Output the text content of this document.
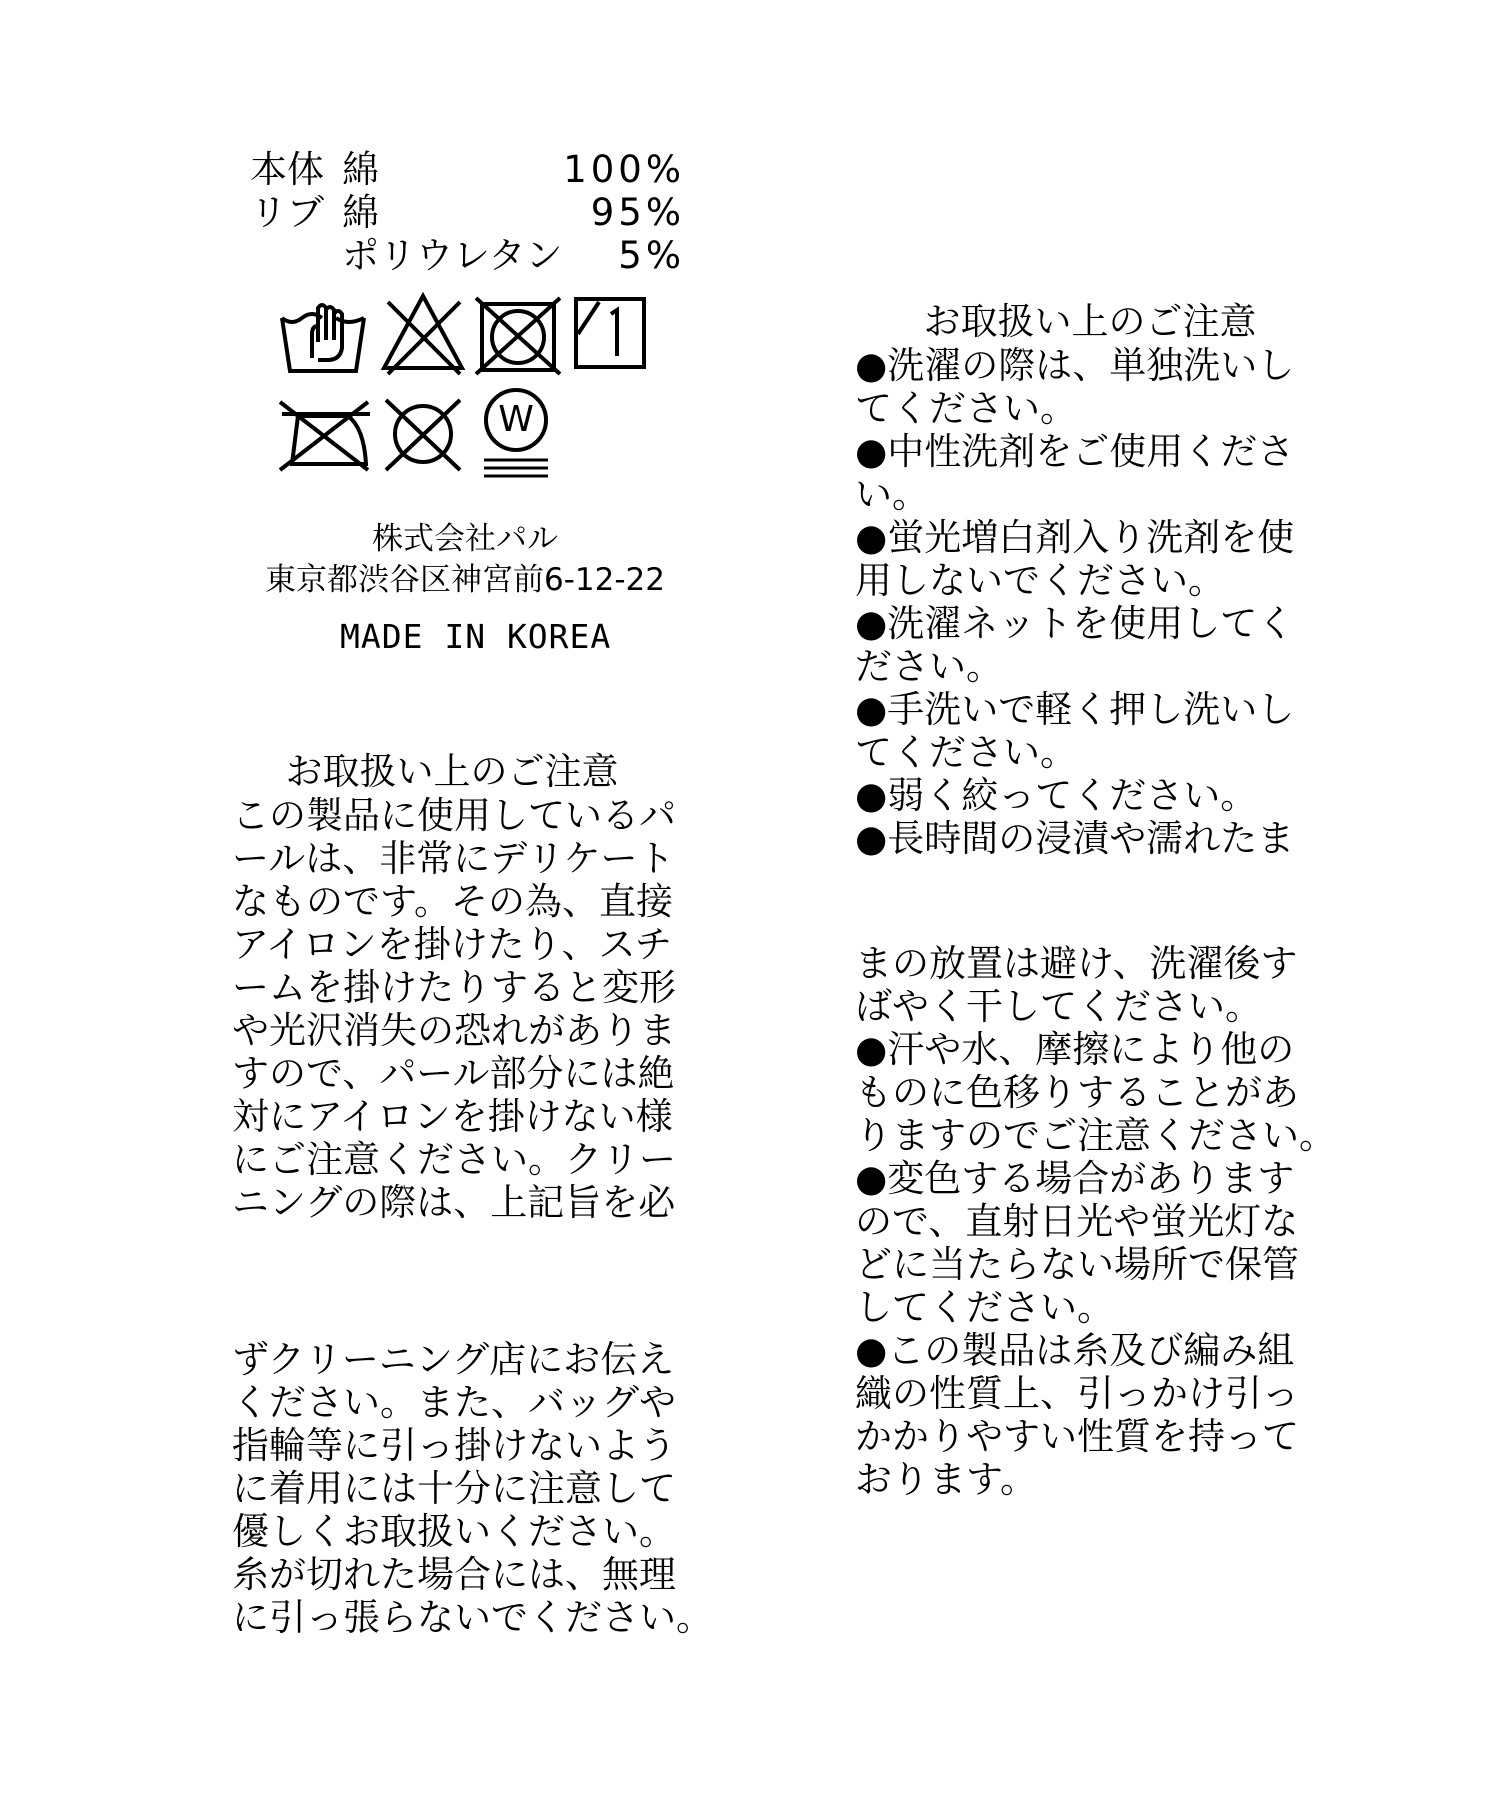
本体 綿	100%
リブ 綿	95%
ポリウレタン	5%
W
株式会社パル
東京都渋谷区神宮前6-12-22
MADE IN KOREA
お取扱い上のご注意
この製品に使用しているパ
ールは、非常にデリケート
なものです。その為、直接
アイロンを掛けたり、スチ
ームを掛けたりすると変形
や光沢消失の恐れがありま
すので、パール部分には絶
対にアイロンを掛けない様
にご注意ください。クリー
ニングの際は、上記旨を必
ずクリーニング店にお伝え
ください。また、バッグや
指輪等に引っ掛けないよう
に着用には十分に注意して
優しくお取扱いください。
糸が切れた場合には、無理
に引っ張らないでください。
お取扱い上のご注意
●洗濯の際は、単独洗いし
てください。
●中性洗剤をご使用くださ
い。
●蛍光増白剤入り洗剤を使
用しないでください。
●洗濯ネットを使用してく
ださい。
●手洗いで軽く押し洗いし
てください。
●弱く絞ってください。
●長時間の浸漬や濡れたま
まの放置は避け、洗濯後す
ばやく干してください。
●汗や水、摩擦により他の
ものに色移りすることがあ
りますのでご注意ください。
●変色する場合があります
ので、直射日光や蛍光灯な
どに当たらない場所で保管
してください。
●この製品は糸及び編み組
織の性質上、引っかけ引っ
かかりやすい性質を持って
おります。
